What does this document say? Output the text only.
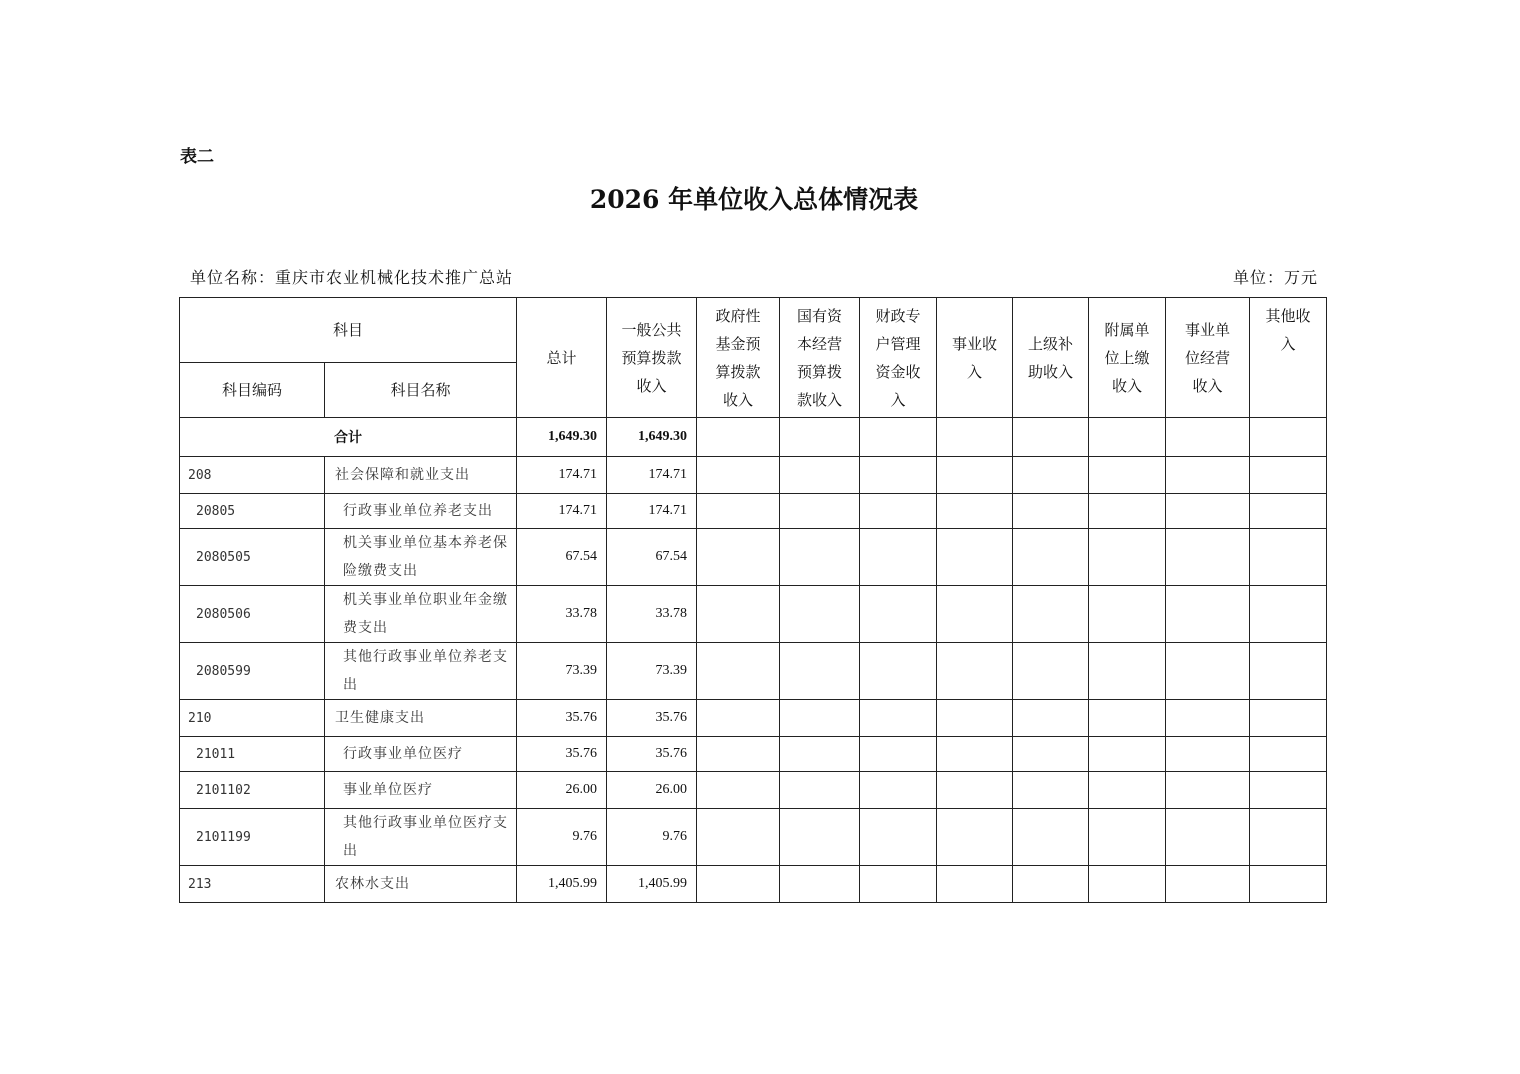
表二
2026 年单位收入总体情况表
单位名称：重庆市农业机械化技术推广总站	单位：万元
科目		总计	一般公共预算拨款收入	政府性基金预算拨款收入	国有资本经营预算拨款收入	财政专户管理资金收入	事业收入	上级补助收入	附属单位上缴收入	事业单位经营收入	其他收入

科目编码	科目名称										
合计		1,649.30	1,649.30								
208	社会保障和就业支出	174.71	174.71								
20805	行政事业单位养老支出	174.71	174.71								
2080505	机关事业单位基本养老保险缴费支出	67.54	67.54								
2080506	机关事业单位职业年金缴费支出	33.78	33.78								
2080599	其他行政事业单位养老支出	73.39	73.39								
210	卫生健康支出	35.76	35.76								
21011	行政事业单位医疗	35.76	35.76								
2101102	事业单位医疗	26.00	26.00								
2101199	其他行政事业单位医疗支出	9.76	9.76								
213	农林水支出	1,405.99	1,405.99								
